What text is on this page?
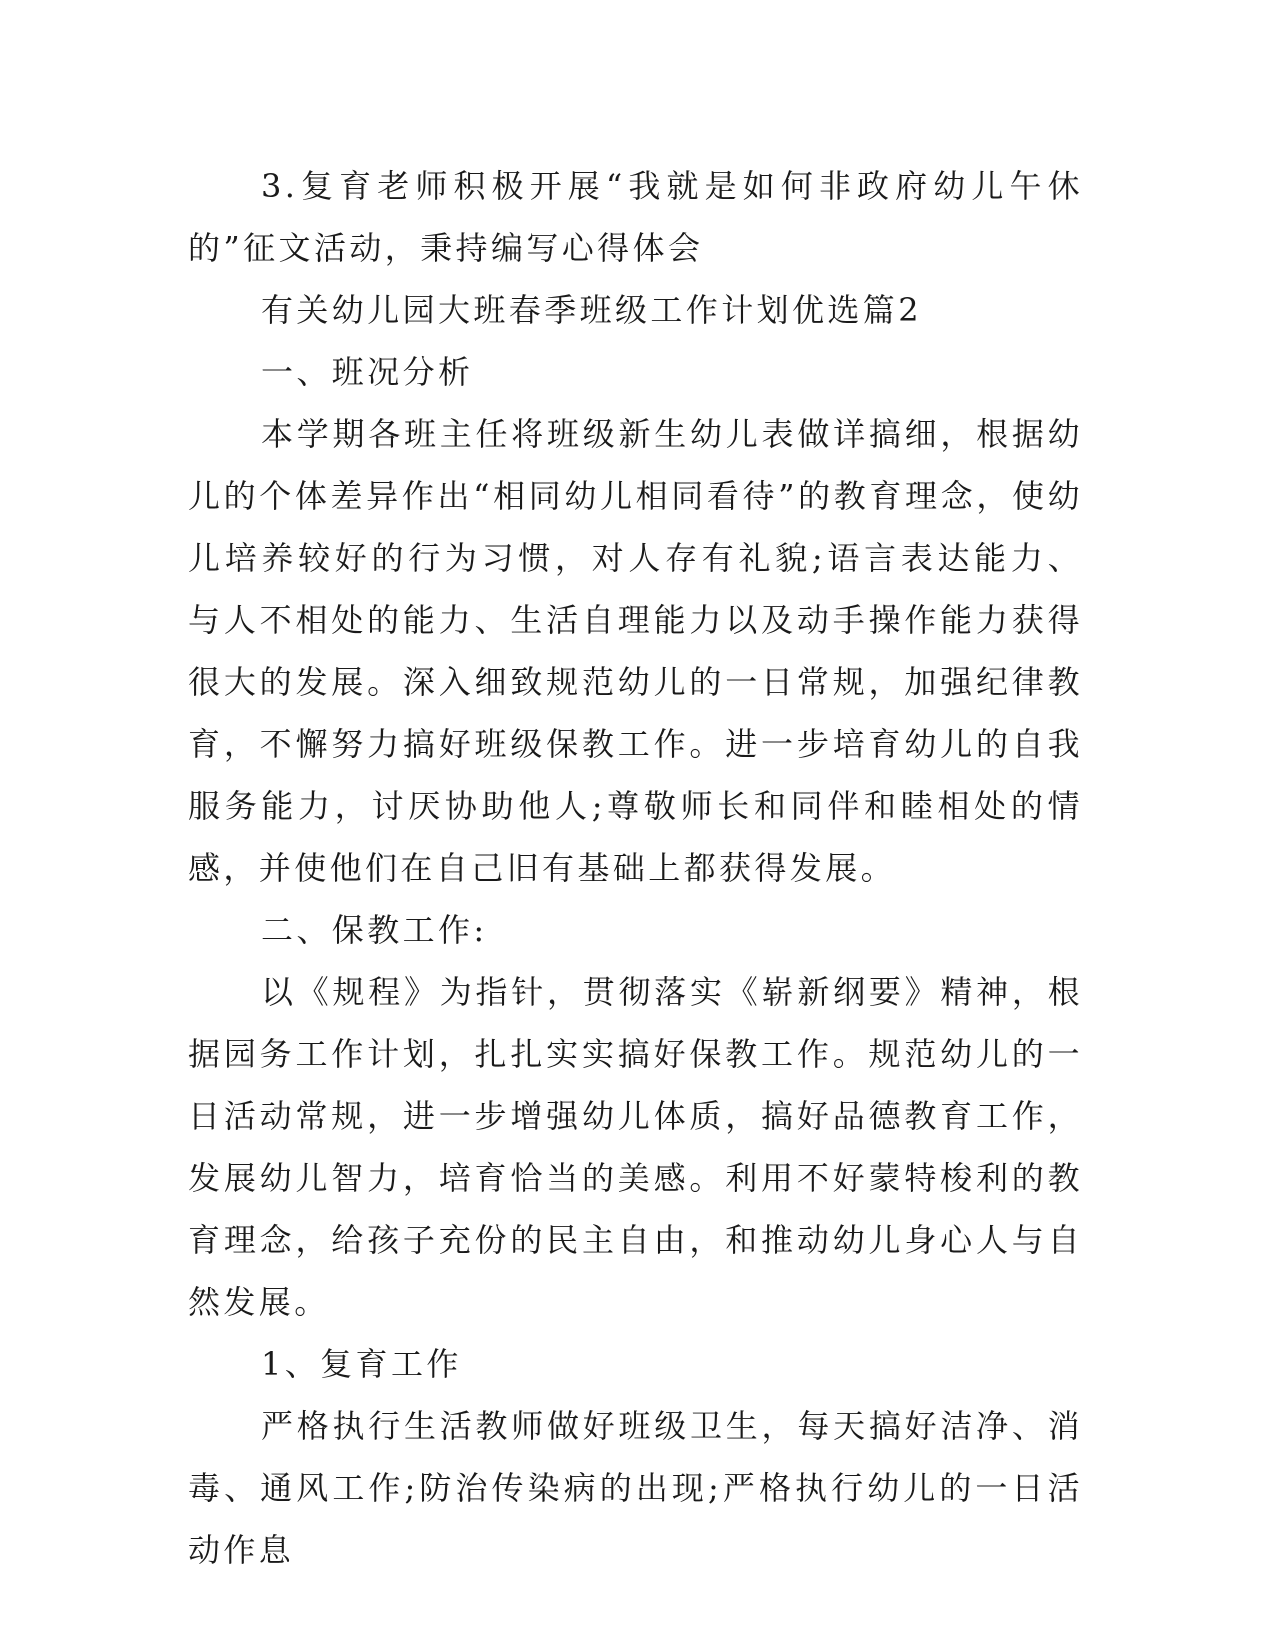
3.复育老师积极开展“我就是如何非政府幼儿午休的”征文活动，秉持编写心得体会

有关幼儿园大班春季班级工作计划优选篇2

一、班况分析

本学期各班主任将班级新生幼儿表做详搞细，根据幼儿的个体差异作出“相同幼儿相同看待”的教育理念，使幼儿培养较好的行为习惯，对人存有礼貌;语言表达能力、与人不相处的能力、生活自理能力以及动手操作能力获得很大的发展。深入细致规范幼儿的一日常规，加强纪律教育，不懈努力搞好班级保教工作。进一步培育幼儿的自我服务能力，讨厌协助他人;尊敬师长和同伴和睦相处的情感，并使他们在自己旧有基础上都获得发展。

二、保教工作:

以《规程》为指针，贯彻落实《崭新纲要》精神，根据园务工作计划，扎扎实实搞好保教工作。规范幼儿的一日活动常规，进一步增强幼儿体质，搞好品德教育工作，发展幼儿智力，培育恰当的美感。利用不好蒙特梭利的教育理念，给孩子充份的民主自由，和推动幼儿身心人与自然发展。

1、复育工作

严格执行生活教师做好班级卫生，每天搞好洁净、消毒、通风工作;防治传染病的出现;严格执行幼儿的一日活动作息
